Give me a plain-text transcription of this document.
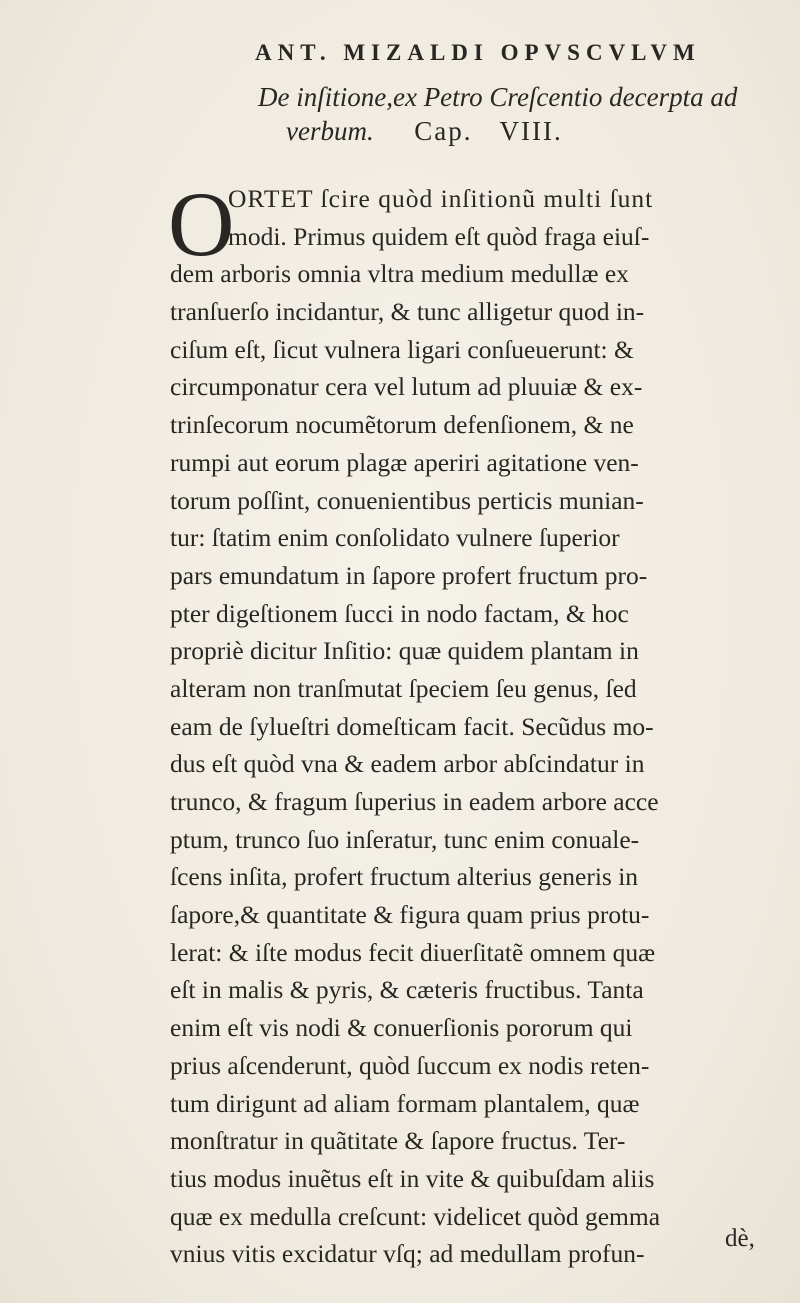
ANT. MIZALDI OPVSCVLVM
De inſitione,ex Petro Creſcentio decerpta ad
verbum. Cap. VIII.
O
ORTET ſcire quòd inſitionũ multi ſunt
modi. Primus quidem eſt quòd fraga eiuſ-
dem arboris omnia vltra medium medullæ ex
tranſuerſo incidantur, & tunc alligetur quod in-
ciſum eſt, ſicut vulnera ligari conſueuerunt: &
circumponatur cera vel lutum ad pluuiæ & ex-
trinſecorum nocumẽtorum defenſionem, & ne
rumpi aut eorum plagæ aperiri agitatione ven-
torum poſſint, conuenientibus perticis munian-
tur: ſtatim enim conſolidato vulnere ſuperior
pars emundatum in ſapore profert fructum pro-
pter digeſtionem ſucci in nodo factam, & hoc
propriè dicitur Inſitio: quæ quidem plantam in
alteram non tranſmutat ſpeciem ſeu genus, ſed
eam de ſylueſtri domeſticam facit. Secũdus mo-
dus eſt quòd vna & eadem arbor abſcindatur in
trunco, & fragum ſuperius in eadem arbore acce
ptum, trunco ſuo inſeratur, tunc enim conuale-
ſcens inſita, profert fructum alterius generis in
ſapore,& quantitate & figura quam prius protu-
lerat: & iſte modus fecit diuerſitatẽ omnem quæ
eſt in malis & pyris, & cæteris fructibus. Tanta
enim eſt vis nodi & conuerſionis pororum qui
prius aſcenderunt, quòd ſuccum ex nodis reten-
tum dirigunt ad aliam formam plantalem, quæ
monſtratur in quãtitate & ſapore fructus. Ter-
tius modus inuẽtus eſt in vite & quibuſdam aliis
quæ ex medulla creſcunt: videlicet quòd gemma
vnius vitis excidatur vſq; ad medullam profun-
dè,
